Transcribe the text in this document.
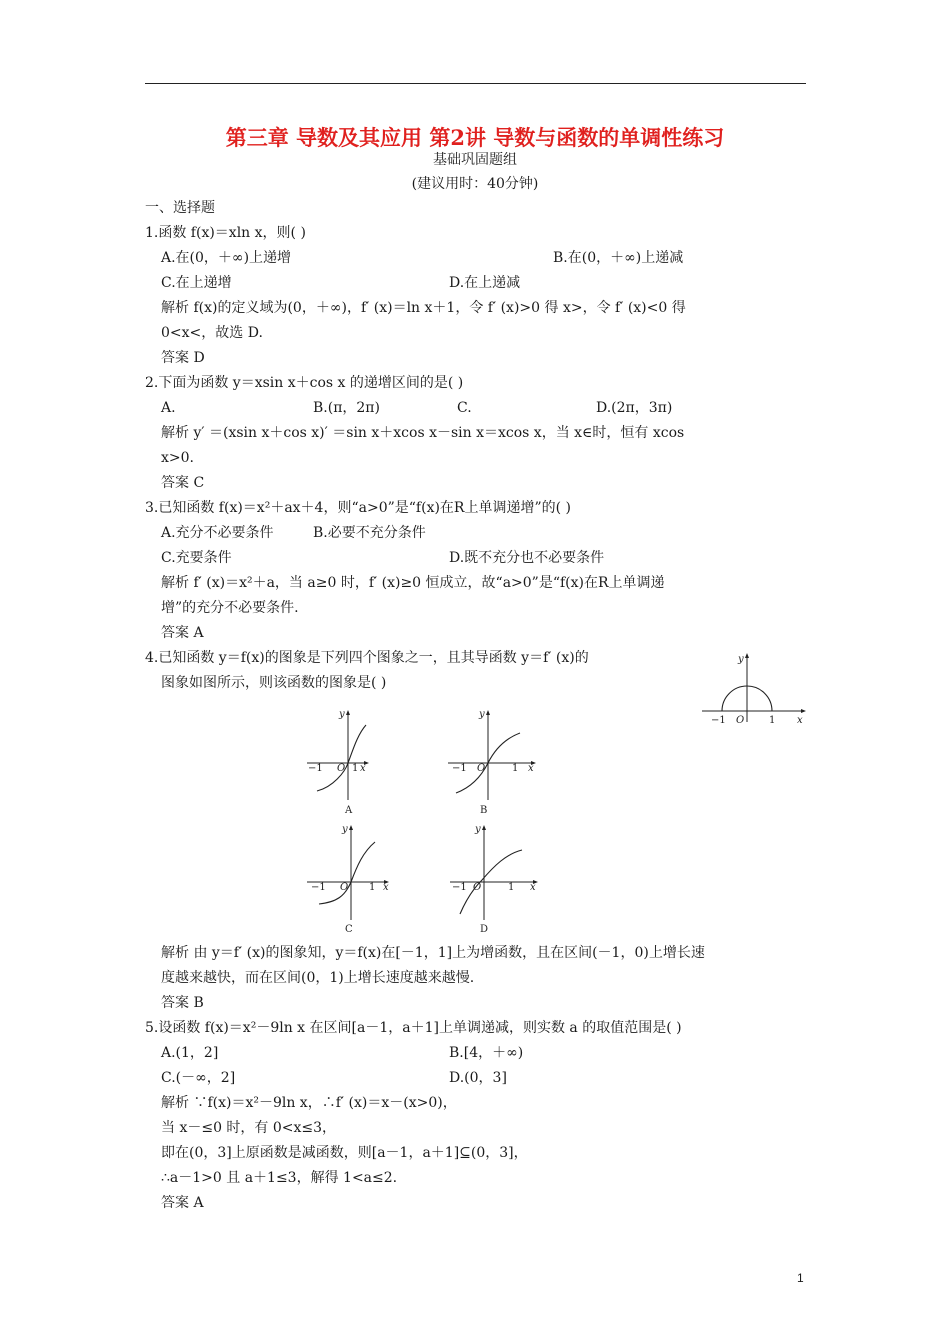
第三章 导数及其应用 第2讲 导数与函数的单调性练习
基础巩固题组
(建议用时：40分钟)
一、选择题
1.函数 f(x)＝xln x，则( )
A.在(0，＋∞)上递增	B.在(0，＋∞)上递减
C.在上递增	D.在上递减
解析 f(x)的定义域为(0，＋∞)，f′ (x)＝ln x＋1，令 f′ (x)>0 得 x>，令 f′ (x)<0 得
0<x<，故选 D.
答案 D
2.下面为函数 y＝xsin x＋cos x 的递增区间的是( )
A.	B.(π，2π)	C.	D.(2π，3π)
解析 y′ ＝(xsin x＋cos x)′ ＝sin x＋xcos x－sin x＝xcos x，当 x∈时，恒有 xcos
x>0.
答案 C
3.已知函数 f(x)＝x²＋ax＋4，则“a>0”是“f(x)在R上单调递增”的( )
A.充分不必要条件	B.必要不充分条件
C.充要条件	D.既不充分也不必要条件
解析 f′ (x)＝x²＋a，当 a≥0 时，f′ (x)≥0 恒成立，故“a>0”是“f(x)在R上单调递
增”的充分不必要条件.
答案 A
4.已知函数 y＝f(x)的图象是下列四个图象之一，且其导函数 y＝f′ (x)的
图象如图所示，则该函数的图象是( )
y
x
−1 O 1
y
x
−1 O 1
A
y
x
−1 O	1
B
y
x
−1 O 1
C
y
x
−1 O	1
D
解析 由 y＝f′ (x)的图象知，y＝f(x)在[－1，1]上为增函数，且在区间(－1，0)上增长速
度越来越快，而在区间(0，1)上增长速度越来越慢.
答案 B
5.设函数 f(x)＝x²－9ln x 在区间[a－1，a＋1]上单调递减，则实数 a 的取值范围是( )
A.(1，2]	B.[4，＋∞)
C.(－∞，2]	D.(0，3]
解析 ∵f(x)＝x²－9ln x，∴f′ (x)＝x－(x>0)，
当 x－≤0 时，有 0<x≤3，
即在(0，3]上原函数是减函数，则[a－1，a＋1]⊆(0，3]，
∴a－1>0 且 a＋1≤3，解得 1<a≤2.
答案 A
1
